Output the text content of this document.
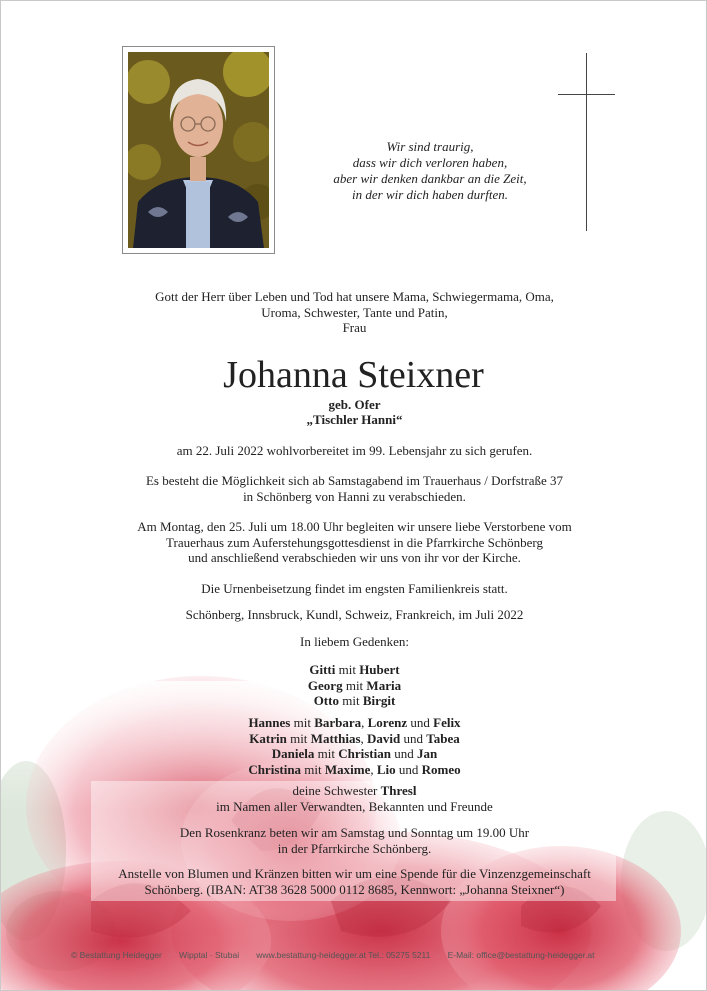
Wir sind traurig,
dass wir dich verloren haben,
aber wir denken dankbar an die Zeit,
in der wir dich haben durften.
Gott der Herr über Leben und Tod hat unsere Mama, Schwiegermama, Oma,
Uroma, Schwester, Tante und Patin,
Frau
Johanna Steixner
geb. Ofer
„Tischler Hanni“
am 22. Juli 2022 wohlvorbereitet im 99. Lebensjahr zu sich gerufen.
Es besteht die Möglichkeit sich ab Samstagabend im Trauerhaus / Dorfstraße 37
in Schönberg von Hanni zu verabschieden.
Am Montag, den 25. Juli um 18.00 Uhr begleiten wir unsere liebe Verstorbene vom
Trauerhaus zum Auferstehungsgottesdienst in die Pfarrkirche Schönberg
und anschließend verabschieden wir uns von ihr vor der Kirche.
Die Urnenbeisetzung findet im engsten Familienkreis statt.
Schönberg, Innsbruck, Kundl, Schweiz, Frankreich, im Juli 2022
In liebem Gedenken:
Gitti mit Hubert
Georg mit Maria
Otto mit Birgit
Hannes mit Barbara, Lorenz und Felix
Katrin mit Matthias, David und Tabea
Daniela mit Christian und Jan
Christina mit Maxime, Lio und Romeo
deine Schwester Thresl
im Namen aller Verwandten, Bekannten und Freunde
Den Rosenkranz beten wir am Samstag und Sonntag um 19.00 Uhr
in der Pfarrkirche Schönberg.
Anstelle von Blumen und Kränzen bitten wir um eine Spende für die Vinzenzgemeinschaft
Schönberg. (IBAN: AT38 3628 5000 0112 8685, Kennwort: „Johanna Steixner“)
© Bestattung Heidegger · Wipptal · Stubai · www.bestattung-heidegger.at Tel.: 05275 5211 · E-Mail: office@bestattung-heidegger.at
